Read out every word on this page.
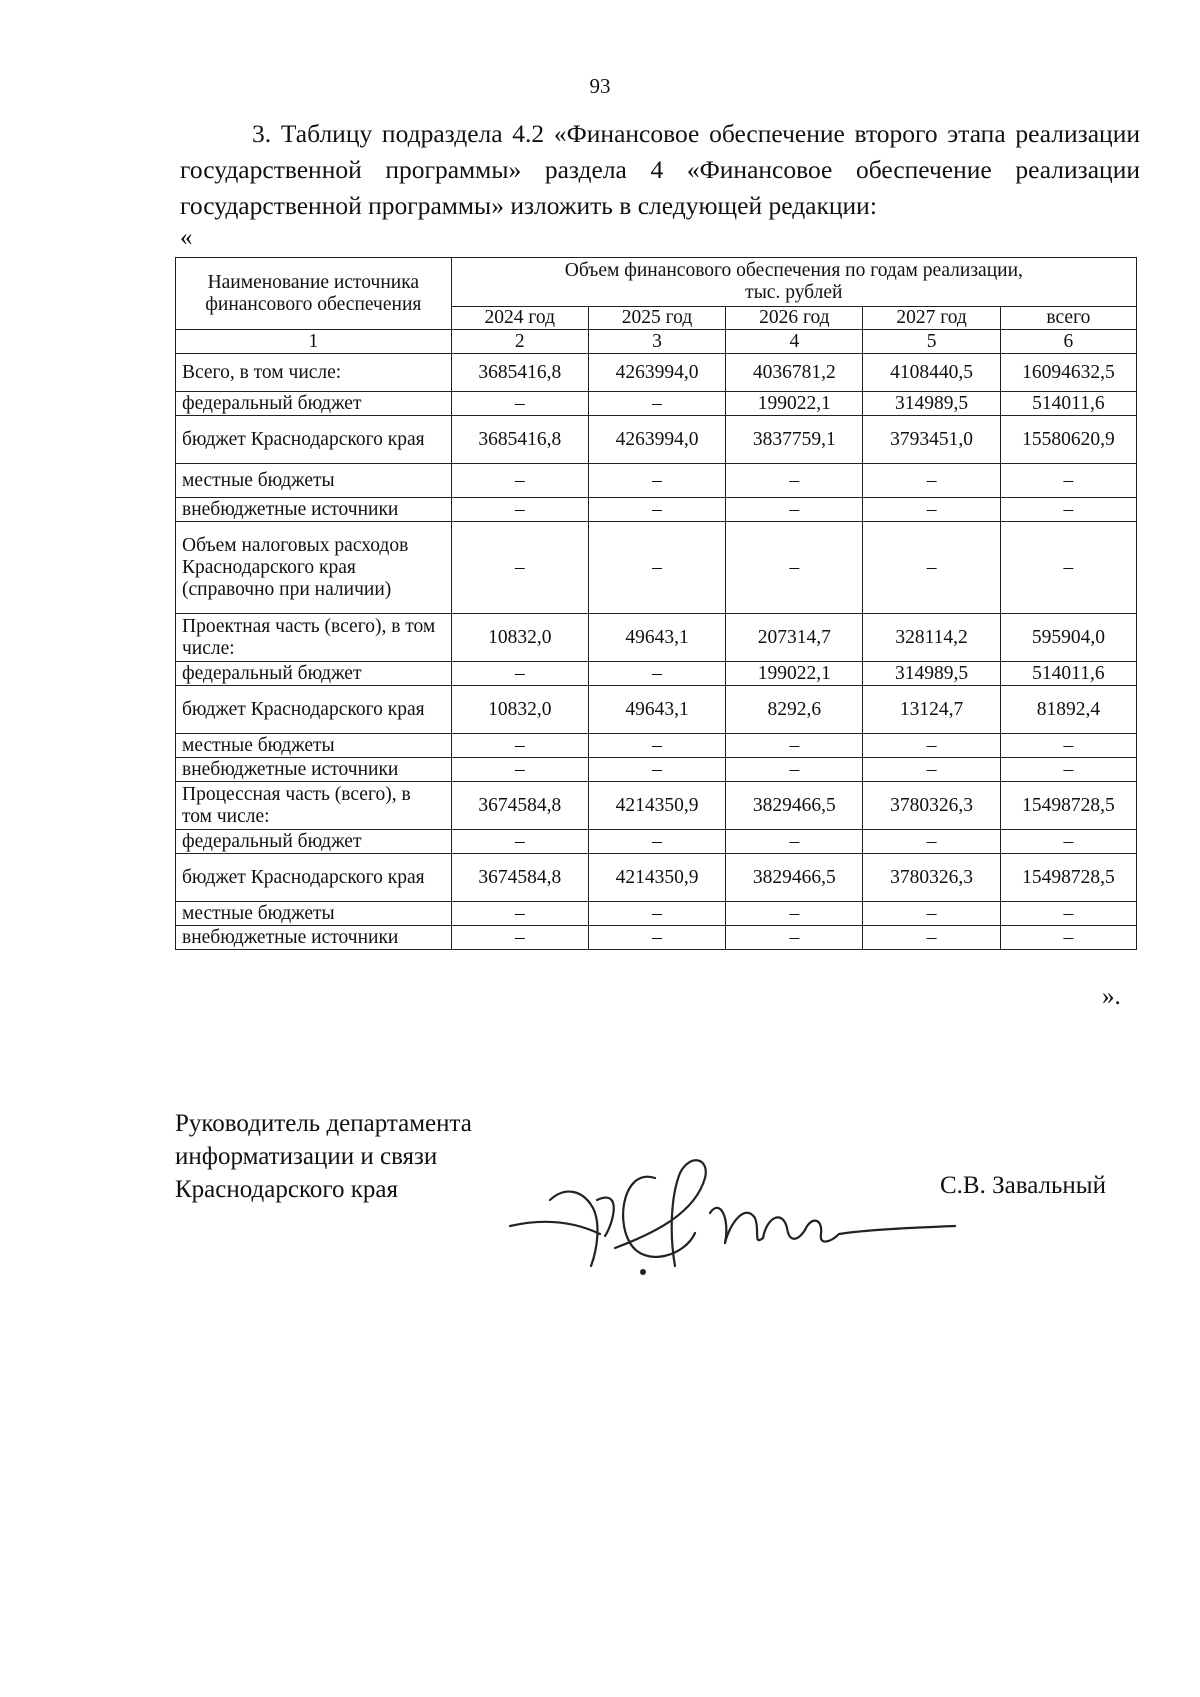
93
3. Таблицу подраздела 4.2 «Финансовое обеспечение второго этапа реализации государственной программы» раздела 4 «Финансовое обеспечение реализации государственной программы» изложить в следующей редакции:
«
Наименование источника финансового обеспечения	Объем финансового обеспечения по годам реализации,
тыс. рублей				

	2024 год	2025 год	2026 год	2027 год	всего
1	2	3	4	5	6
Всего, в том числе:	3685416,8	4263994,0	4036781,2	4108440,5	16094632,5
федеральный бюджет	–	–	199022,1	314989,5	514011,6
бюджет Краснодарского края	3685416,8	4263994,0	3837759,1	3793451,0	15580620,9
местные бюджеты	–	–	–	–	–
внебюджетные источники	–	–	–	–	–
Объем налоговых расходов Краснодарского края (справочно при наличии)	–	–	–	–	–
Проектная часть (всего), в том числе:	10832,0	49643,1	207314,7	328114,2	595904,0
федеральный бюджет	–	–	199022,1	314989,5	514011,6
бюджет Краснодарского края	10832,0	49643,1	8292,6	13124,7	81892,4
местные бюджеты	–	–	–	–	–
внебюджетные источники	–	–	–	–	–
Процессная часть (всего), в том числе:	3674584,8	4214350,9	3829466,5	3780326,3	15498728,5
федеральный бюджет	–	–	–	–	–
бюджет Краснодарского края	3674584,8	4214350,9	3829466,5	3780326,3	15498728,5
местные бюджеты	–	–	–	–	–
внебюджетные источники	–	–	–	–	–
».
Руководитель департамента
информатизации и связи
Краснодарского края	С.В. Завальный
